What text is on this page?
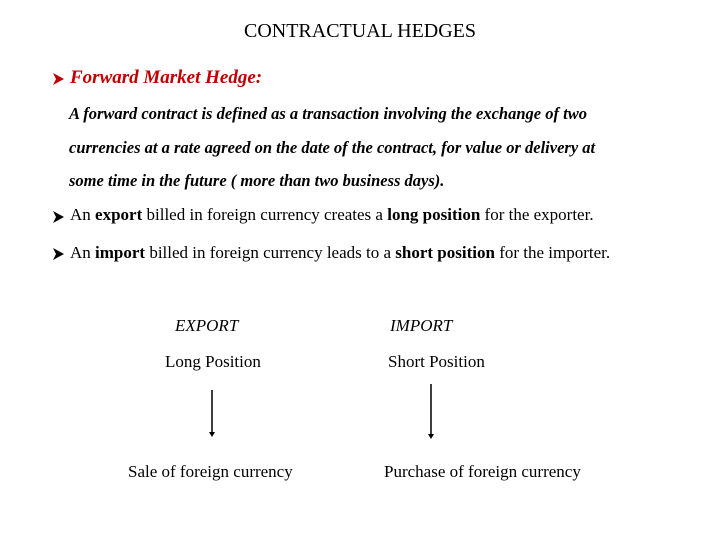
CONTRACTUAL HEDGES
Forward Market Hedge:
A forward contract is defined as a transaction involving the exchange of two
currencies at a rate agreed on the date of the contract, for value or delivery at
some time in the future ( more than two business days).
An export billed in foreign currency creates a long position for the exporter.
An import billed in foreign currency leads to a short position for the importer.
EXPORT	IMPORT
Long Position	Short Position
Sale of foreign currency	Purchase of foreign currency
